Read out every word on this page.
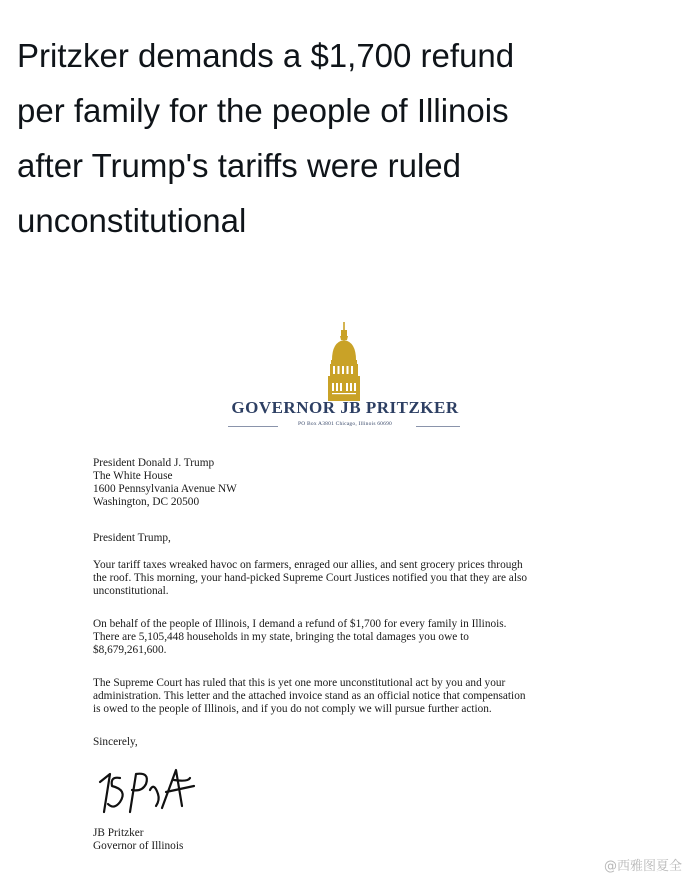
Pritzker demands a $1,700 refund
per family for the people of Illinois
after Trump's tariffs were ruled
unconstitutional
GOVERNOR JB PRITZKER
PO Box A3801 Chicago, Illinois 60690
President Donald J. Trump
The White House
1600 Pennsylvania Avenue NW
Washington, DC 20500
President Trump,
Your tariff taxes wreaked havoc on farmers, enraged our allies, and sent grocery prices through
the roof. This morning, your hand-picked Supreme Court Justices notified you that they are also
unconstitutional.
On behalf of the people of Illinois, I demand a refund of $1,700 for every family in Illinois.
There are 5,105,448 households in my state, bringing the total damages you owe to
$8,679,261,600.
The Supreme Court has ruled that this is yet one more unconstitutional act by you and your
administration. This letter and the attached invoice stand as an official notice that compensation
is owed to the people of Illinois, and if you do not comply we will pursue further action.
Sincerely,
JB Pritzker
Governor of Illinois
@西雅图夏全
